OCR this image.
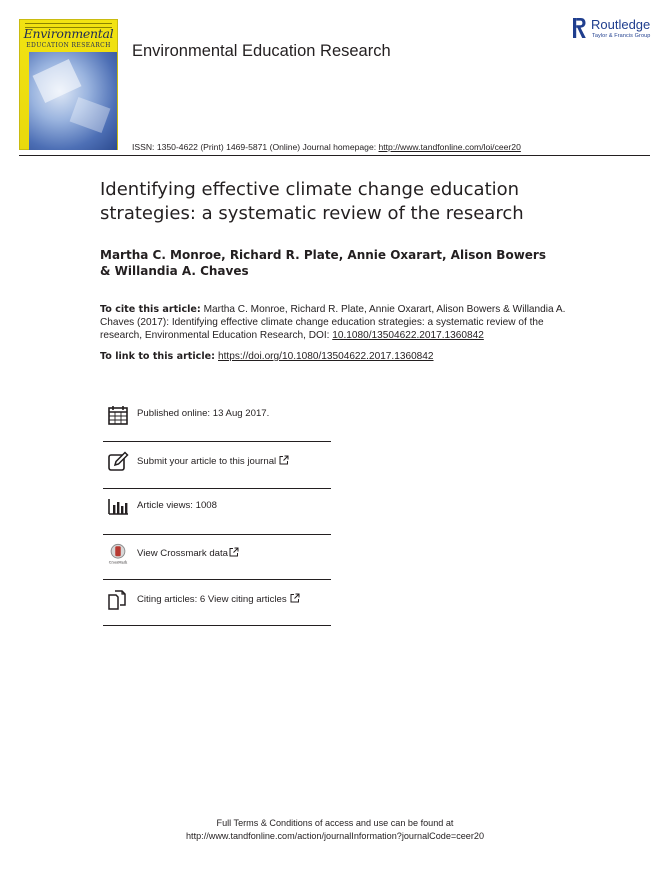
Environmental
EDUCATION RESEARCH Environmental Education Research
Routledge
Taylor & Francis Group
ISSN: 1350-4622 (Print) 1469-5871 (Online) Journal homepage: http://www.tandfonline.com/loi/ceer20
Identifying effective climate change education strategies: a systematic review of the research
Martha C. Monroe, Richard R. Plate, Annie Oxarart, Alison Bowers & Willandia A. Chaves
To cite this article: Martha C. Monroe, Richard R. Plate, Annie Oxarart, Alison Bowers & Willandia A. Chaves (2017): Identifying effective climate change education strategies: a systematic review of the research, Environmental Education Research, DOI: 10.1080/13504622.2017.1360842
To link to this article: https://doi.org/10.1080/13504622.2017.1360842
Published online: 13 Aug 2017.
Submit your article to this journal
Article views: 1008
CrossMark
View Crossmark data
Citing articles: 6 View citing articles
Full Terms & Conditions of access and use can be found at
http://www.tandfonline.com/action/journalInformation?journalCode=ceer20
